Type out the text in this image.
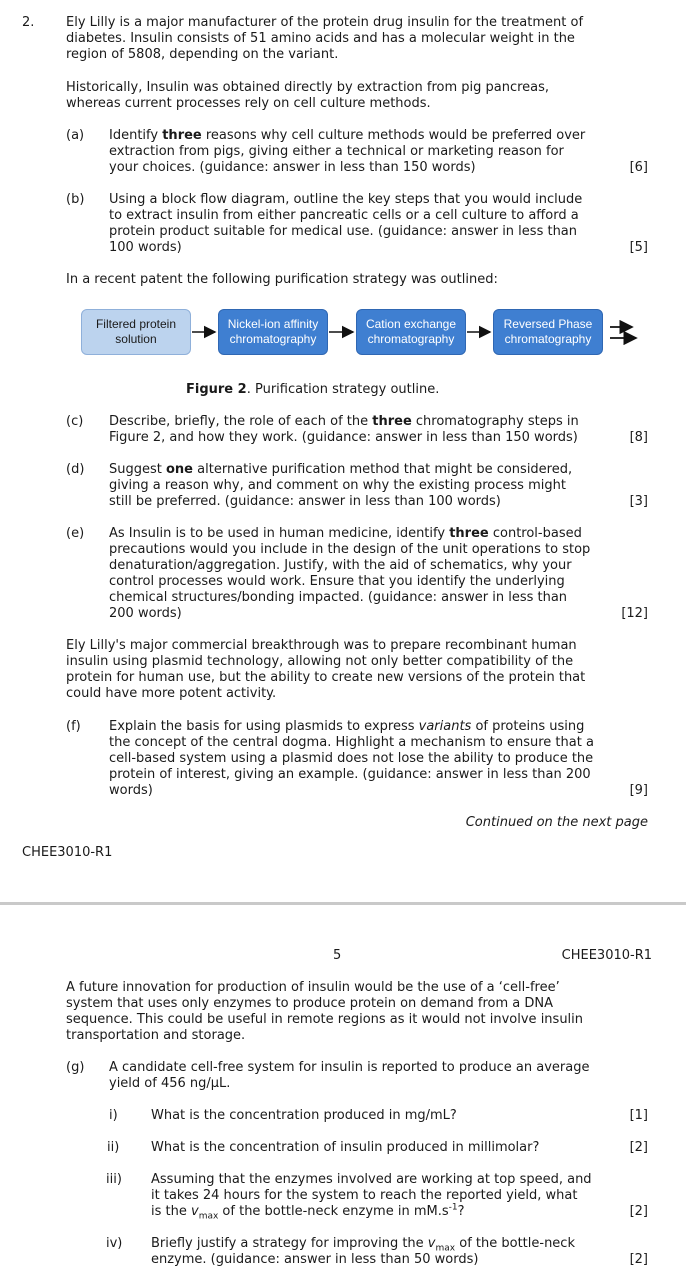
2. Ely Lilly is a major manufacturer of the protein drug insulin for the treatment of
diabetes. Insulin consists of 51 amino acids and has a molecular weight in the
region of 5808, depending on the variant.
Historically, Insulin was obtained directly by extraction from pig pancreas,
whereas current processes rely on cell culture methods.
(a) Identify three reasons why cell culture methods would be preferred over
extraction from pigs, giving either a technical or marketing reason for
your choices. (guidance: answer in less than 150 words)	[6]
(b) Using a block flow diagram, outline the key steps that you would include
to extract insulin from either pancreatic cells or a cell culture to afford a
protein product suitable for medical use. (guidance: answer in less than
100 words)	[5]
In a recent patent the following purification strategy was outlined:
Filtered protein
solution
Nickel-ion affinity
chromatography
Cation exchange
chromatography
Reversed Phase
chromatography
Figure 2. Purification strategy outline.
(c) Describe, briefly, the role of each of the three chromatography steps in
Figure 2, and how they work. (guidance: answer in less than 150 words)	[8]
(d) Suggest one alternative purification method that might be considered,
giving a reason why, and comment on why the existing process might
still be preferred. (guidance: answer in less than 100 words)	[3]
(e) As Insulin is to be used in human medicine, identify three control-based
precautions would you include in the design of the unit operations to stop
denaturation/aggregation. Justify, with the aid of schematics, why your
control processes would work. Ensure that you identify the underlying
chemical structures/bonding impacted. (guidance: answer in less than
200 words)	[12]
Ely Lilly's major commercial breakthrough was to prepare recombinant human
insulin using plasmid technology, allowing not only better compatibility of the
protein for human use, but the ability to create new versions of the protein that
could have more potent activity.
(f) Explain the basis for using plasmids to express variants of proteins using
the concept of the central dogma. Highlight a mechanism to ensure that a
cell-based system using a plasmid does not lose the ability to produce the
protein of interest, giving an example. (guidance: answer in less than 200
words)	[9]
Continued on the next page
CHEE3010-R1
5	CHEE3010-R1
A future innovation for production of insulin would be the use of a ‘cell-free’
system that uses only enzymes to produce protein on demand from a DNA
sequence. This could be useful in remote regions as it would not involve insulin
transportation and storage.
(g) A candidate cell-free system for insulin is reported to produce an average
yield of 456 ng/μL.
i)	What is the concentration produced in mg/mL?	[1]
ii) What is the concentration of insulin produced in millimolar?	[2]
iii) Assuming that the enzymes involved are working at top speed, and
it takes 24 hours for the system to reach the reported yield, what
is the $v_{max}$ of the bottle-neck enzyme in $mM.s^{-1}$?	[2]
iv) Briefly justify a strategy for improving the $v_{max}$ of the bottle-neck
enzyme. (guidance: answer in less than 50 words)	[2]
